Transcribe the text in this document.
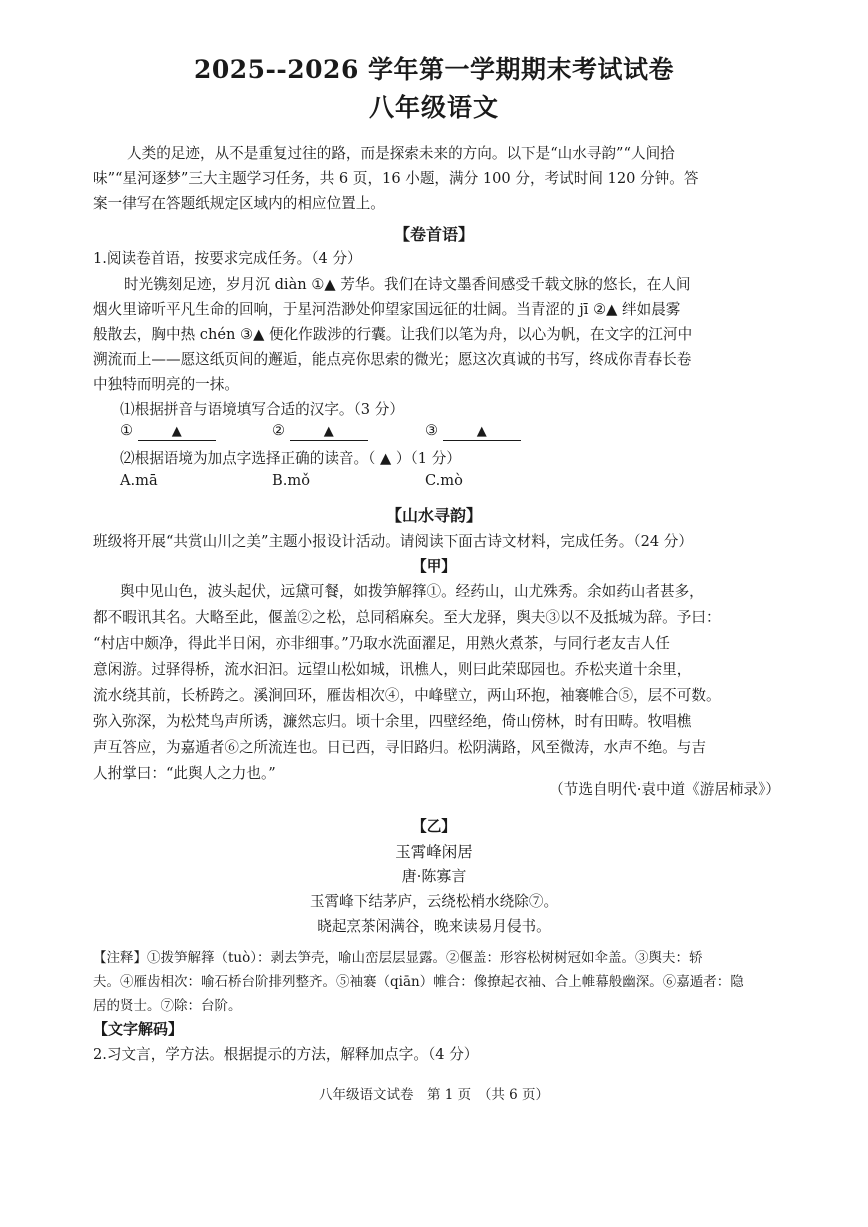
2025--2026 学年第一学期期末考试试卷
八年级语文
人类的足迹，从不是重复过往的路，而是探索未来的方向。以下是“山水寻韵”“人间拾
味”“星河逐梦”三大主题学习任务，共 6 页，16 小题，满分 100 分，考试时间 120 分钟。答
案一律写在答题纸规定区域内的相应位置上。
【卷首语】
1.阅读卷首语，按要求完成任务。（4 分）
时光镌刻足迹，岁月沉 diàn ①▲ 芳华。我们在诗文墨香间感受千载文脉的悠长，在人间
烟火里谛听平凡生命的回响，于星河浩渺处仰望家国远征的壮阔。当青涩的 jī ②▲ 绊如晨雾
般散去，胸中热 chén ③▲ 便化作跋涉的行囊。让我们以笔为舟，以心为帆，在文字的江河中
溯流而上——愿这纸页间的邂逅，能点亮你思索的微光；愿这次真诚的书写，终成你青春长卷
中独特而明亮的一抹。
⑴根据拼音与语境填写合适的汉字。（3 分）
①	▲	②	▲	③	▲
⑵根据语境为加点字选择正确的读音。（ ▲ ）（1 分）
A.mā	B.mǒ	C.mò
【山水寻韵】
班级将开展“共赏山川之美”主题小报设计活动。请阅读下面古诗文材料，完成任务。（24 分）
【甲】
舆中见山色，波头起伏，远黛可餐，如拨笋解箨①。经药山，山尤殊秀。余如药山者甚多，
都不暇讯其名。大略至此，偃盖②之松，总同稻麻矣。至大龙驿，舆夫③以不及抵城为辞。予曰：
“村店中颇净，得此半日闲，亦非细事。”乃取水洗面濯足，用熟火煮茶，与同行老友吉人任
意闲游。过驿得桥，流水汩汩。远望山松如城，讯樵人，则曰此荣邸园也。乔松夹道十余里，
流水绕其前，长桥跨之。溪涧回环，雁齿相次④，中峰壁立，两山环抱，袖褰帷合⑤，层不可数。
弥入弥深，为松梵鸟声所诱，濂然忘归。顷十余里，四壁经绝，倚山傍林，时有田畴。牧唱樵
声互答应，为嘉遁者⑥之所流连也。日已西，寻旧路归。松阴满路，风至微涛，水声不绝。与吉
人拊掌曰：“此舆人之力也。”
（节选自明代·袁中道《游居柿录》）
【乙】
玉霄峰闲居
唐·陈寡言
玉霄峰下结茅庐，云绕松梢水绕除⑦。
晓起烹茶闲满谷，晚来读易月侵书。
【注释】①拨笋解箨（tuò）：剥去笋壳，喻山峦层层显露。②偃盖：形容松树树冠如伞盖。③舆夫：轿
夫。④雁齿相次：喻石桥台阶排列整齐。⑤袖褰（qiān）帷合：像撩起衣袖、合上帷幕般幽深。⑥嘉遁者：隐
居的贤士。⑦除：台阶。
【文字解码】
2.习文言，学方法。根据提示的方法，解释加点字。（4 分）
八年级语文试卷　第 1 页　（共 6 页）
